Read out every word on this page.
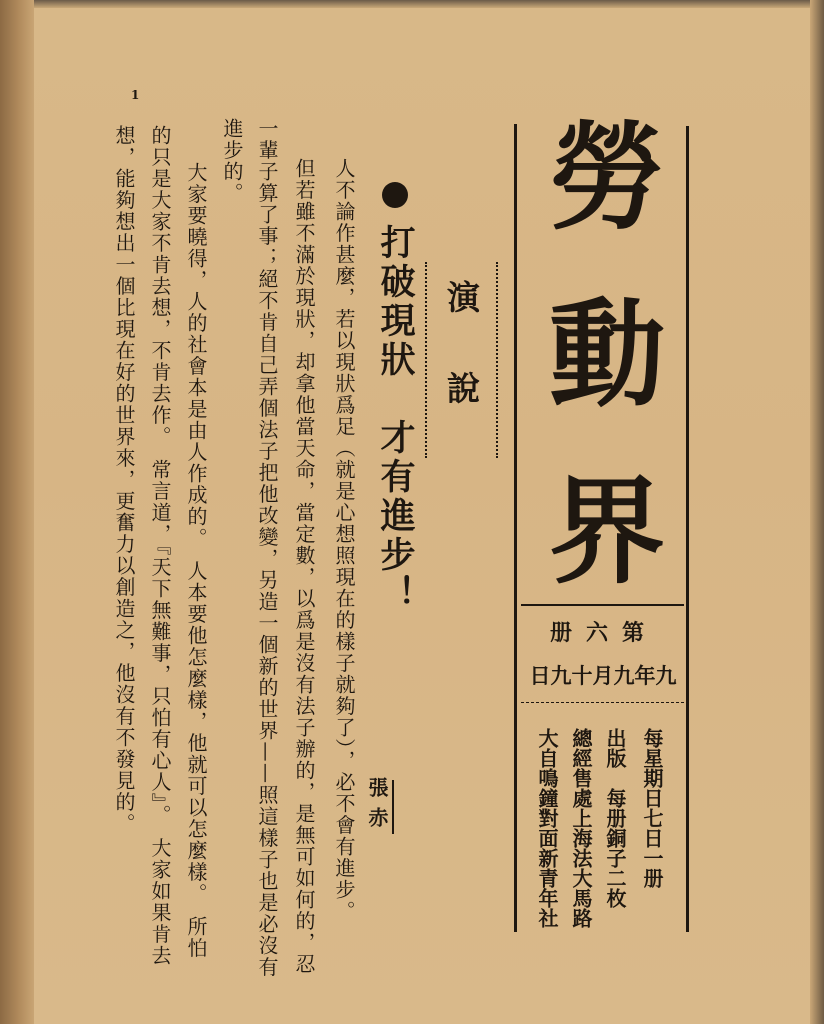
1
勞
動
界
第六册
九年九月十九日
每星期日七日一册
出版　每册銅子二枚
總經售處上海法大馬路
大自鳴鐘對面新青年社
演說
打破現狀　才有進步！
張赤
人不論作甚麼，若以現狀爲足（就是心想照現在的樣子就夠了），必不會有進步。
但若雖不滿於現狀，却拿他當天命，當定數，以爲是沒有法子辦的，是無可如何的，忍
一輩子算了事；絕不肯自己弄個法子把他改變，另造一個新的世界——照這樣子也是必沒有
進步的。
大家要曉得，人的社會本是由人作成的。　人本要他怎麼樣，他就可以怎麼樣。　所怕
的只是大家不肯去想，不肯去作。　常言道，『天下無難事，只怕有心人』。　大家如果肯去
想，能夠想出一個比現在好的世界來，更奮力以創造之，他沒有不發見的。
